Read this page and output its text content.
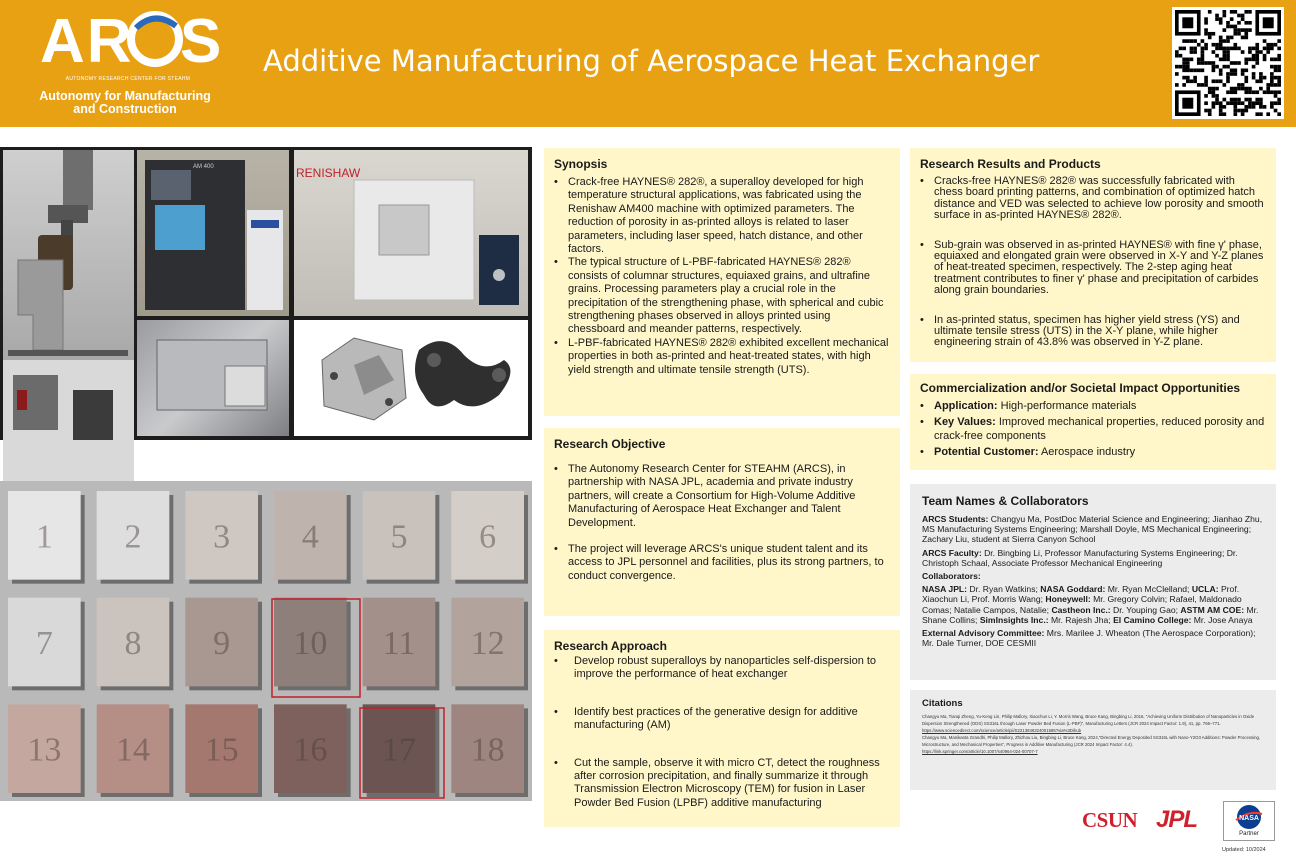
AR S
AUTONOMY RESEARCH CENTER FOR STEAHM
Autonomy for Manufacturing and Construction
Additive Manufacturing of Aerospace Heat Exchanger
AM 400	RENISHAW
1 2 3 4 5 6
7 8 9 10 11 12
13 14 15 16 17 18
Synopsis
• Crack-free HAYNES® 282®, a superalloy developed for high temperature structural applications, was fabricated using the Renishaw AM400 machine with optimized parameters. The reduction of porosity in as-printed alloys is related to laser parameters, including laser speed, hatch distance, and other factors.
• The typical structure of L-PBF-fabricated HAYNES® 282® consists of columnar structures, equiaxed grains, and ultrafine grains. Processing parameters play a crucial role in the precipitation of the strengthening phase, with spherical and cubic strengthening phases observed in alloys printed using chessboard and meander patterns, respectively.
• L-PBF-fabricated HAYNES® 282® exhibited excellent mechanical properties in both as-printed and heat-treated states, with high yield strength and ultimate tensile strength (UTS).
Research Objective
• The Autonomy Research Center for STEAHM (ARCS), in partnership with NASA JPL, academia and private industry partners, will create a Consortium for High-Volume Additive Manufacturing of Aerospace Heat Exchanger and Talent Development.
• The project will leverage ARCS's unique student talent and its access to JPL personnel and facilities, plus its strong partners, to conduct convergence.
Research Approach
• Develop robust superalloys by nanoparticles self-dispersion to improve the performance of heat exchanger
• Identify best practices of the generative design for additive manufacturing (AM)
• Cut the sample, observe it with micro CT, detect the roughness after corrosion precipitation, and finally summarize it through Transmission Electron Microscopy (TEM) for fusion in Laser Powder Bed Fusion (LPBF) additive manufacturing
Research Results and Products
• Cracks-free HAYNES® 282® was successfully fabricated with chess board printing patterns, and combination of optimized hatch distance and VED was selected to achieve low porosity and smooth surface in as-printed HAYNES® 282®.
• Sub-grain was observed in as-printed HAYNES® with fine γ' phase, equiaxed and elongated grain were observed in X-Y and Y-Z planes of heat-treated specimen, respectively. The 2-step aging heat treatment contributes to finer γ' phase and precipitation of carbides along grain boundaries.
• In as-printed status, specimen has higher yield stress (YS) and ultimate tensile stress (UTS) in the X-Y plane, while higher engineering strain of 43.8% was observed in Y-Z plane.
Commercialization and/or Societal Impact Opportunities
• Application: High-performance materials
• Key Values: Improved mechanical properties, reduced porosity and crack-free components
• Potential Customer: Aerospace industry
Team Names & Collaborators

ARCS Students: Changyu Ma, PostDoc Material Science and Engineering; Jianhao Zhu, MS Manufacturing Systems Engineering; Marshall Doyle, MS Mechanical Engineering; Zachary Liu, student at Sierra Canyon School

ARCS Faculty: Dr. Bingbing Li, Professor Manufacturing Systems Engineering; Dr. Christoph Schaal, Associate Professor Mechanical Engineering

Collaborators:

NASA JPL: Dr. Ryan Watkins; NASA Goddard: Mr. Ryan McClelland; UCLA: Prof. Xiaochun Li, Prof. Morris Wang; Honeywell: Mr. Gregory Colvin; Rafael, Maldonado Comas; Natalie Campos, Natalie; Castheon Inc.: Dr. Youping Gao; ASTM AM COE: Mr. Shane Collins; SimInsights Inc.: Mr. Rajesh Jha; El Camino College: Mr. Jose Anaya

External Advisory Committee: Mrs. Marilee J. Wheaton (The Aerospace Corporation); Mr. Dale Turner, DOE CESMII

Citations

Changyu Ma, Tianqi Zheng, Yu-Keng Lin, Philip Mallory, Xiaochun Li, Y. Morris Wang, Bruce Kang, Bingbing Li, 2016, "Achieving Uniform Distribution of Nanoparticles in Oxide Dispersion Strengthened (ODS) SS316L through Laser Powder Bed Fusion (L-PBF)", Manufacturing Letters (JCR 2024 Impact Factor: 1.9), 41, pp. 766–771.
https://www.sciencedirect.com/science/article/pii/S2213846324001585?via%3Dihub

Changyu Ma, Manikanta Grandhi, Philip Mallory, Zhizhou Liu, Bingbing Li, Bruce Kang, 2024,"Directed Energy Deposited SS316L with Nano-Y2O3 Additions: Powder Processing, Microstructure, and Mechanical Properties", Progress in Additive Manufacturing (JCR 2024 Impact Factor: 4.4).
https://link.springer.com/article/10.1007/s40964-024-00707-7

CSUN JPL	NASA
Partner
Updated: 10/2024
